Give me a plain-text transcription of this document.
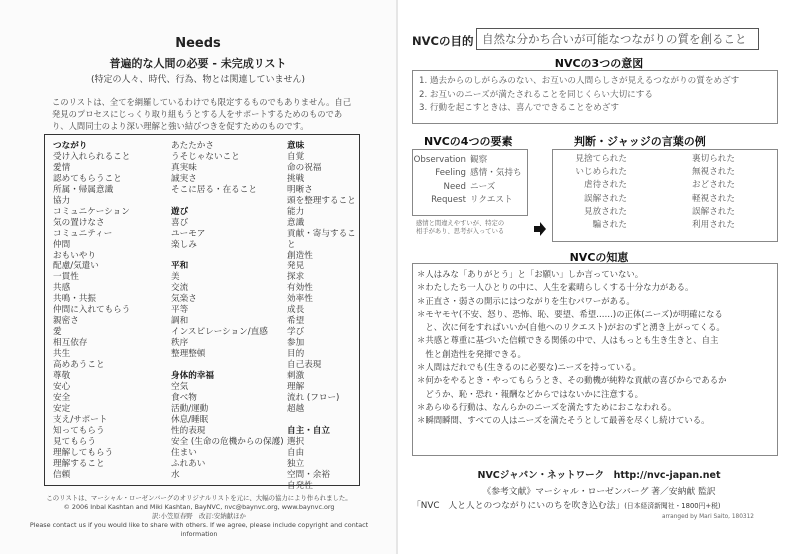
Needs
普遍的な人間の必要 - 未完成リスト
(特定の人々、時代、行為、物とは関連していません)
このリストは、全てを網羅しているわけでも限定するものでもありません。自己
発見のプロセスにじっくり取り組もうとする人をサポートするためのものであ
り、人間同士のより深い理解と強い結びつきを促すためのものです。
つながり
受け入れられること
愛情
認めてもらうこと
所属・帰属意識
協力
コミュニケーション
気の置けなさ
コミュニティー
仲間
おもいやり
配慮/気遣い
一貫性
共感
共鳴・共振
仲間に入れてもらう
親密さ
愛
相互依存
共生
高めあうこと
尊敬
安心
安全
安定
支え/サポート
知ってもらう
見てもらう
理解してもらう
理解すること
信頼
あたたかさ
うそじゃないこと
真実味
誠実さ
そこに居る・在ること
遊び
喜び
ユーモア
楽しみ
平和
美
交流
気楽さ
平等
調和
インスピレーション/直感
秩序
整理整頓
身体的幸福
空気
食べ物
活動/運動
休息/睡眠
性的表現
安全 (生命の危機からの保護)
住まい
ふれあい
水
意味
自覚
命の祝福
挑戦
明晰さ
頭を整理すること
能力
意識
貢献・寄与すること
創造性
発見
探求
有効性
効率性
成長
希望
学び
参加
目的
自己表現
刺激
理解
流れ (フロー)
超越
自主・自立
選択
自由
独立
空間・余裕
自発性
このリストは、マーシャル・ローゼンバーグのオリジナルリストを元に、大幅の協力により作られました。
© 2006 Inbal Kashtan and Miki Kashtan, BayNVC, nvc@baynvc.org, www.baynvc.org
訳:小笠原春野　改訂:安納献ほか
Please contact us if you would like to share with others. If we agree, please include copyright and contact information
NVCの目的 自然な分かち合いが可能なつながりの質を創ること
NVCの3つの意図
1. 過去からのしがらみのない、お互いの人間らしさが見えるつながりの質をめざす
2. お互いのニーズが満たされることを同じくらい大切にする
3. 行動を起こすときは、喜んでできることをめざす
NVCの4つの要素
Observation 観察
Feeling 感情・気持ち
Need ニーズ
Request リクエスト
感情と間違えやすいが、特定の
相手があり、思考が入っている
判断・ジャッジの言葉の例
見捨てられた
いじめられた
虐待された
誤解された
見放された
騙された
裏切られた
無視された
おどされた
軽視された
誤解された
利用された
NVCの知恵
＊人はみな「ありがとう」と「お願い」しか言っていない。
＊わたしたち一人ひとりの中に、人生を素晴らしくする十分な力がある。
＊正直さ・弱さの開示にはつながりを生むパワーがある。
＊モヤモヤ(不安、怒り、恐怖、恥、要望、希望……)の正体(ニーズ)が明確になる
　と、次に何をすればいいか(自他へのリクエスト)がおのずと湧き上がってくる。
＊共感と尊重に基づいた信頼できる関係の中で、人はもっとも生き生きと、自主
　性と創造性を発揮できる。
＊人間はだれでも(生きるのに必要な)ニーズを持っている。
＊何かをやるとき・やってもらうとき、その動機が純粋な貢献の喜びからであるか
　どうか、恥・恐れ・報酬などからではないかに注意する。
＊あらゆる行動は、なんらかのニーズを満たすためにおこなわれる。
＊瞬間瞬間、すべての人はニーズを満たそうとして最善を尽くし続けている。
NVCジャパン・ネットワーク　http://nvc-japan.net
《参考文献》マーシャル・ローゼンバーグ 著／安納献 監訳
「NVC　人と人とのつながりにいのちを吹き込む法」(日本経済新聞社・1800円+税)
arranged by Mari Saito, 180312
